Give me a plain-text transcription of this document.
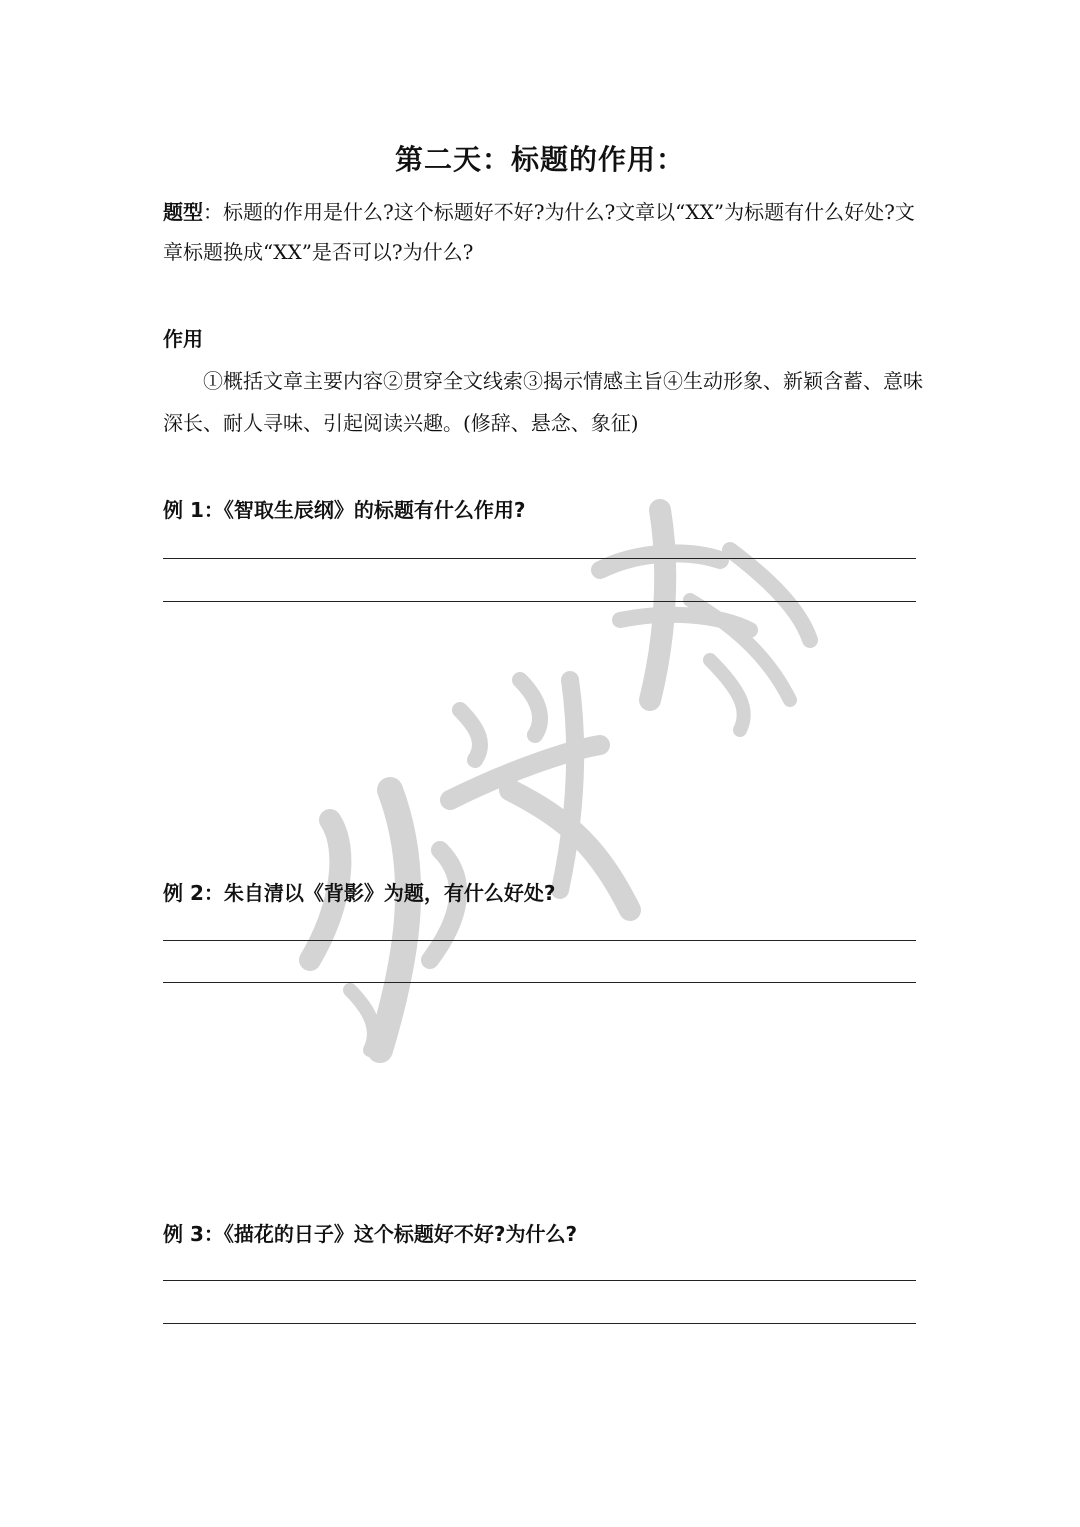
第二天：标题的作用：
题型：标题的作用是什么?这个标题好不好?为什么?文章以“XX”为标题有什么好处?文章标题换成“XX”是否可以?为什么?
作用
①概括文章主要内容②贯穿全文线索③揭示情感主旨④生动形象、新颖含蓄、意味深长、耐人寻味、引起阅读兴趣。(修辞、悬念、象征)
例 1：《智取生辰纲》的标题有什么作用?
例 2：朱自清以《背影》为题，有什么好处?
例 3：《描花的日子》这个标题好不好?为什么?
